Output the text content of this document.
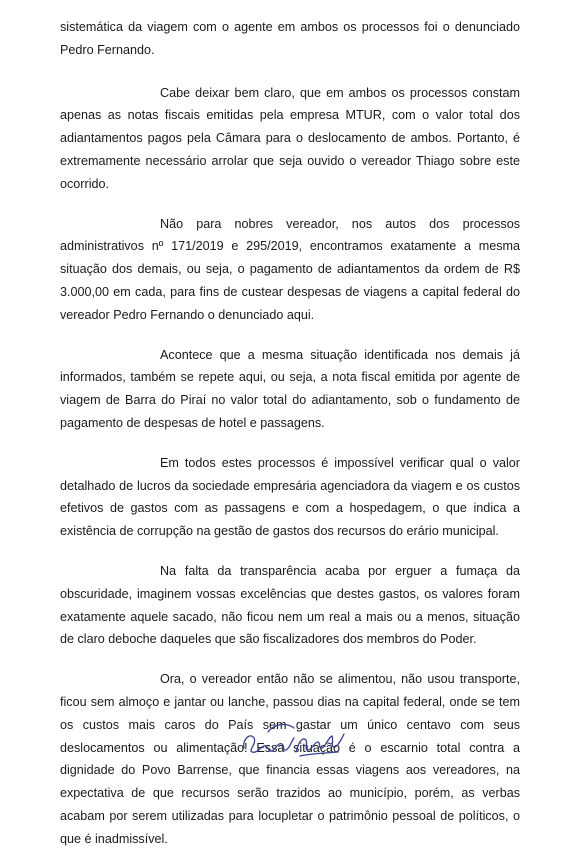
sistemática da viagem com o agente em ambos os processos foi o denunciado Pedro Fernando.

Cabe deixar bem claro, que em ambos os processos constam apenas as notas fiscais emitidas pela empresa MTUR, com o valor total dos adiantamentos pagos pela Câmara para o deslocamento de ambos. Portanto, é extremamente necessário arrolar que seja ouvido o vereador Thiago sobre este ocorrido.

Não para nobres vereador, nos autos dos processos administrativos nº 171/2019 e 295/2019, encontramos exatamente a mesma situação dos demais, ou seja, o pagamento de adiantamentos da ordem de R$ 3.000,00 em cada, para fins de custear despesas de viagens a capital federal do vereador Pedro Fernando o denunciado aqui.

Acontece que a mesma situação identificada nos demais já informados, também se repete aqui, ou seja, a nota fiscal emitida por agente de viagem de Barra do Piraí no valor total do adiantamento, sob o fundamento de pagamento de despesas de hotel e passagens.

Em todos estes processos é impossível verificar qual o valor detalhado de lucros da sociedade empresária agenciadora da viagem e os custos efetivos de gastos com as passagens e com a hospedagem, o que indica a existência de corrupção na gestão de gastos dos recursos do erário municipal.

Na falta da transparência acaba por erguer a fumaça da obscuridade, imaginem vossas excelências que destes gastos, os valores foram exatamente aquele sacado, não ficou nem um real a mais ou a menos, situação de claro deboche daqueles que são fiscalizadores dos membros do Poder.

Ora, o vereador então não se alimentou, não usou transporte, ficou sem almoço e jantar ou lanche, passou dias na capital federal, onde se tem os custos mais caros do País sem gastar um único centavo com seus deslocamentos ou alimentação! Essa situação é o escarnio total contra a dignidade do Povo Barrense, que financia essas viagens aos vereadores, na expectativa de que recursos serão trazidos ao município, porém, as verbas acabam por serem utilizadas para locupletar o patrimônio pessoal de políticos, o que é inadmissível.
